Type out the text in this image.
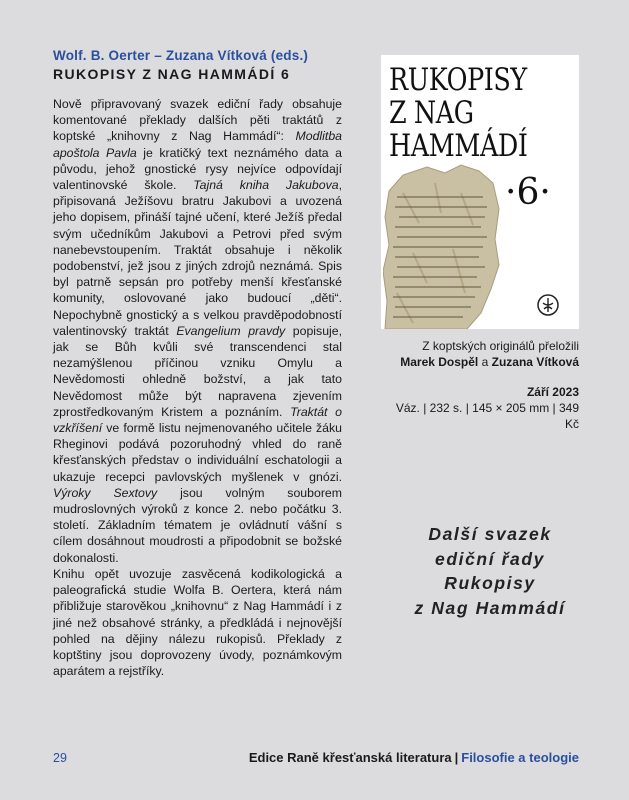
Wolf. B. Oerter – Zuzana Vítková (eds.)
RUKOPISY Z NAG HAMMÁDÍ 6

Nově připravovaný svazek ediční řady obsahuje komentované překlady dalších pěti traktátů z koptské „knihovny z Nag Hammádí“: Modlitba apoštola Pavla je kratičký text neznámého data a původu, jehož gnostické rysy nejvíce odpovídají valentinovské škole. Tajná kniha Jakubova, připisovaná Ježíšovu bratru Jakubovi a uvozená jeho dopisem, přináší tajné učení, které Ježíš předal svým učedníkům Jakubovi a Petrovi před svým nanebevstoupením. Traktát obsahuje i několik podobenství, jež jsou z jiných zdrojů neznámá. Spis byl patrně sepsán pro potřeby menší křesťanské komunity, oslovované jako budoucí „děti“. Nepochybně gnostický a s velkou pravděpodobností valentinovský traktát Evangelium pravdy popisuje, jak se Bůh kvůli své transcendenci stal nezamýšlenou příčinou vzniku Omylu a Nevědomosti ohledně božství, a jak tato Nevědomost může být napravena zjevením zprostředkovaným Kristem a poznáním. Traktát o vzkříšení ve formě listu nejmenovaného učitele žáku Rheginovi podává pozoruhodný vhled do raně křesťanských představ o individuální eschatologii a ukazuje recepci pavlovských myšlenek v gnózi. Výroky Sextovy jsou volným souborem mudroslovných výroků z konce 2. nebo počátku 3. století. Základním tématem je ovládnutí vášní s cílem dosáhnout moudrosti a připodobnit se božské dokonalosti.

Knihu opět uvozuje zasvěcená kodikologická a paleografická studie Wolfa B. Oertera, která nám přibližuje starověkou „knihovnu“ z Nag Hammádí i z jiné než obsahové stránky, a předkládá i nejnovější pohled na dějiny nálezu rukopisů. Překlady z koptštiny jsou doprovozeny úvody, poznámkovým aparátem a rejstříky.

RUKOPISY
Z NAG
HAMMÁDÍ
·6·
Z koptských originálů přeložili
Marek Dospěl a Zuzana Vítková
Září 2023
Váz. | 232 s. | 145 × 205 mm | 349 Kč
Další svazek
ediční řady
Rukopisy
z Nag Hammádí
29	Edice Raně křesťanská literatura | Filosofie a teologie
